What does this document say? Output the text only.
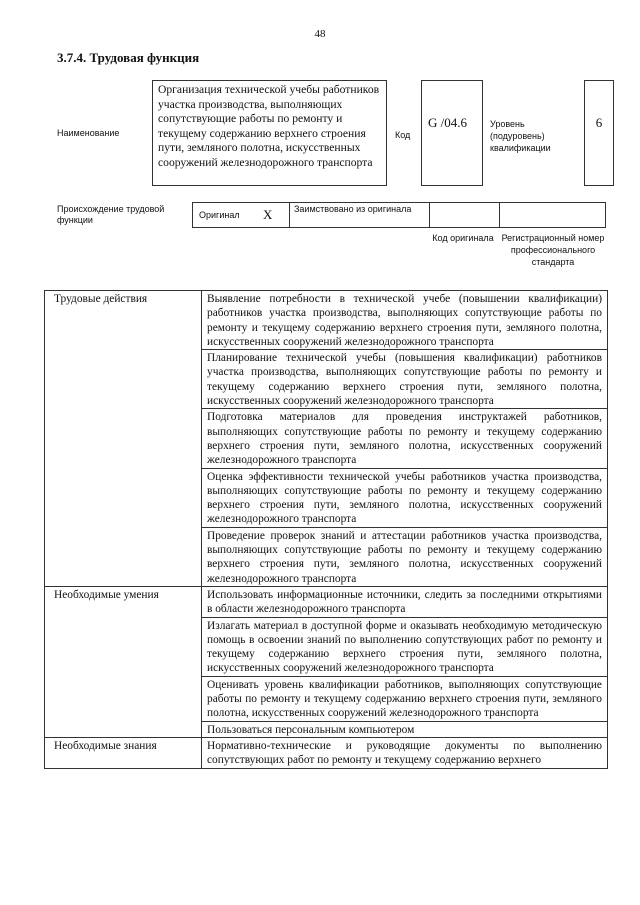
48
3.7.4. Трудовая функция
Наименование
Организация технической учебы работников участка производства, выполняющих сопутствующие работы по ремонту и текущему содержанию верхнего строения пути, земляного полотна, искусственных сооружений железнодорожного транспорта
Код
G /04.6	Уровень (подуровень) квалификации
6
Происхождение трудовой функции	Оригинал X	Заимствовано из оригинала
Код оригинала Регистрационный номер профессионального стандарта
Трудовые действия	Выявление потребности в технической учебе (повышении квалификации) работников участка производства, выполняющих сопутствующие работы по ремонту и текущему содержанию верхнего строения пути, земляного полотна, искусственных сооружений железнодорожного транспорта
	Планирование технической учебы (повышения квалификации) работников участка производства, выполняющих сопутствующие работы по ремонту и текущему содержанию верхнего строения пути, земляного полотна, искусственных сооружений железнодорожного транспорта
	Подготовка материалов для проведения инструктажей работников, выполняющих сопутствующие работы по ремонту и текущему содержанию верхнего строения пути, земляного полотна, искусственных сооружений железнодорожного транспорта
	Оценка эффективности технической учебы работников участка производства, выполняющих сопутствующие работы по ремонту и текущему содержанию верхнего строения пути, земляного полотна, искусственных сооружений железнодорожного транспорта
	Проведение проверок знаний и аттестации работников участка производства, выполняющих сопутствующие работы по ремонту и текущему содержанию верхнего строения пути, земляного полотна, искусственных сооружений железнодорожного транспорта
Необходимые умения	Использовать информационные источники, следить за последними открытиями в области железнодорожного транспорта
	Излагать материал в доступной форме и оказывать необходимую методическую помощь в освоении знаний по выполнению сопутствующих работ по ремонту и текущему содержанию верхнего строения пути, земляного полотна, искусственных сооружений железнодорожного транспорта
	Оценивать уровень квалификации работников, выполняющих сопутствующие работы по ремонту и текущему содержанию верхнего строения пути, земляного полотна, искусственных сооружений железнодорожного транспорта
	Пользоваться персональным компьютером
Необходимые знания	Нормативно-технические и руководящие документы по выполнению сопутствующих работ по ремонту и текущему содержанию верхнего
